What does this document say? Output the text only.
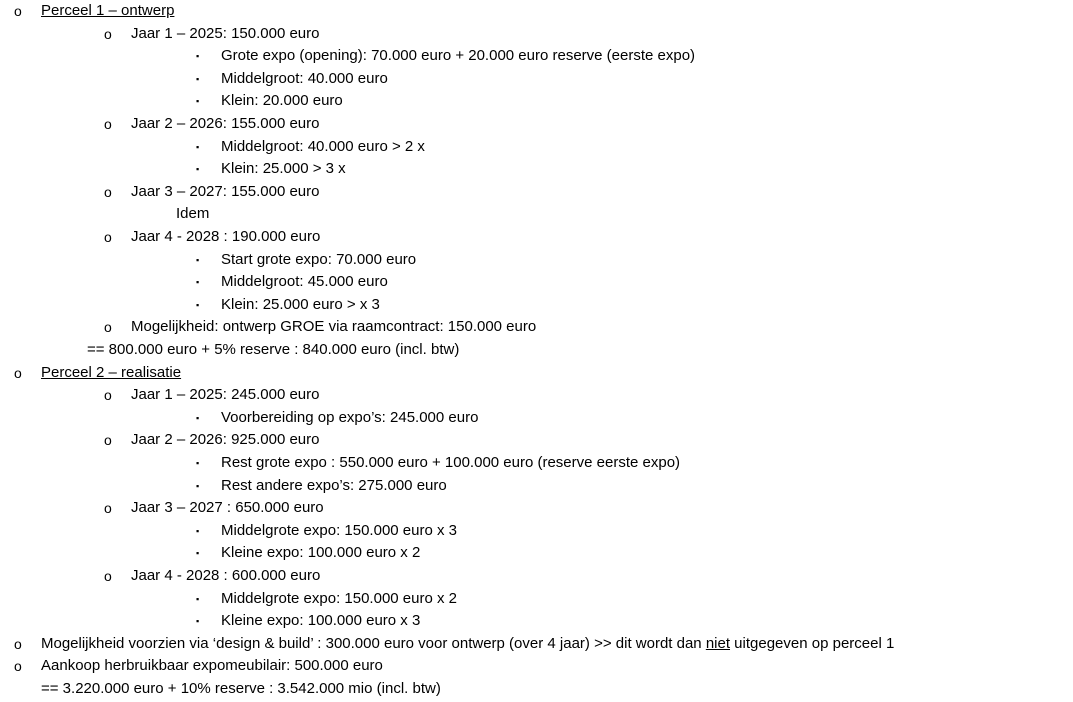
o Perceel 1 – ontwerp
o Jaar 1 – 2025: 150.000 euro
▪ Grote expo (opening): 70.000 euro + 20.000 euro reserve (eerste expo)
▪ Middelgroot: 40.000 euro
▪ Klein: 20.000 euro
o Jaar 2 – 2026: 155.000 euro
▪ Middelgroot: 40.000 euro > 2 x
▪ Klein: 25.000 > 3 x
o Jaar 3 – 2027: 155.000 euro
Idem
o Jaar 4 - 2028 : 190.000 euro
▪ Start grote expo: 70.000 euro
▪ Middelgroot: 45.000 euro
▪ Klein: 25.000 euro > x 3
o Mogelijkheid: ontwerp GROE via raamcontract: 150.000 euro
== 800.000 euro + 5% reserve : 840.000 euro (incl. btw)
o Perceel 2 – realisatie
o Jaar 1 – 2025: 245.000 euro
▪ Voorbereiding op expo’s: 245.000 euro
o Jaar 2 – 2026: 925.000 euro
▪ Rest grote expo : 550.000 euro + 100.000 euro (reserve eerste expo)
▪ Rest andere expo’s: 275.000 euro
o Jaar 3 – 2027 : 650.000 euro
▪ Middelgrote expo: 150.000 euro x 3
▪ Kleine expo: 100.000 euro x 2
o Jaar 4 - 2028 : 600.000 euro
▪ Middelgrote expo: 150.000 euro x 2
▪ Kleine expo: 100.000 euro x 3
o Mogelijkheid voorzien via ‘design & build’ : 300.000 euro voor ontwerp (over 4 jaar) >> dit wordt dan niet uitgegeven op perceel 1
o Aankoop herbruikbaar expomeubilair: 500.000 euro
== 3.220.000 euro + 10% reserve : 3.542.000 mio (incl. btw)
